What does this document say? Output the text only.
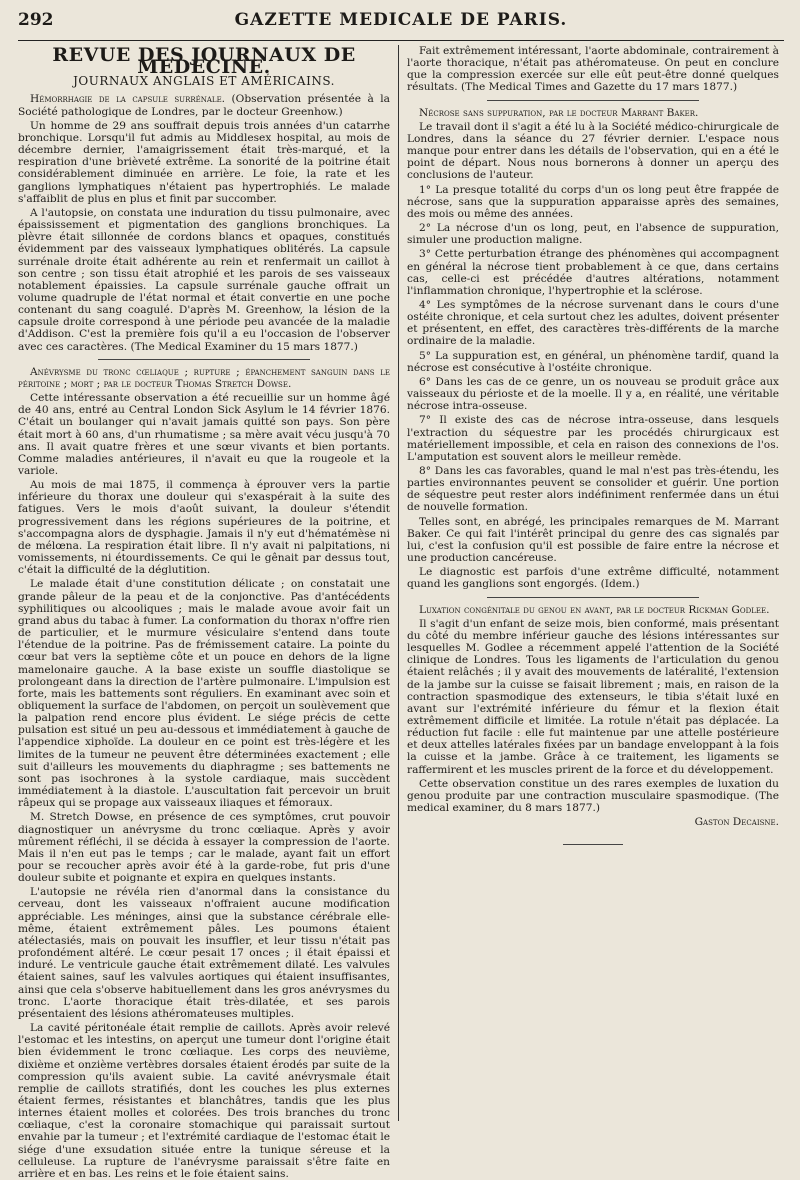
292	GAZETTE MEDICALE DE PARIS.
REVUE DES JOURNAUX DE MEDECINE.
JOURNAUX ANGLAIS ET AMÉRICAINS.

Hémorrhagie de la capsule surrénale. (Observation présentée à la Société pathologique de Londres, par le docteur Greenhow.)

Un homme de 29 ans souffrait depuis trois années d'un catarrhe bronchique. Lorsqu'il fut admis au Middlesex hospital, au mois de décembre dernier, l'amaigrissement était très-marqué, et la respiration d'une brièveté extrême. La sonorité de la poitrine était considérablement diminuée en arrière. Le foie, la rate et les ganglions lymphatiques n'étaient pas hypertrophiés. Le malade s'affaiblit de plus en plus et finit par succomber.

A l'autopsie, on constata une induration du tissu pulmonaire, avec épaississement et pigmentation des ganglions bronchiques. La plèvre était sillonnée de cordons blancs et opaques, constitués évidemment par des vaisseaux lymphatiques oblitérés. La capsule surrénale droite était adhérente au rein et renfermait un caillot à son centre ; son tissu était atrophié et les parois de ses vaisseaux notablement épaissies. La capsule surrénale gauche offrait un volume quadruple de l'état normal et était convertie en une poche contenant du sang coagulé. D'après M. Greenhow, la lésion de la capsule droite correspond à une période peu avancée de la maladie d'Addison. C'est la première fois qu'il a eu l'occasion de l'observer avec ces caractères. (The Medical Examiner du 15 mars 1877.)

Anévrysme du tronc cœliaque ; rupture ; épanchement sanguin dans le péritoine ; mort ; par le docteur Thomas Stretch Dowse.

Cette intéressante observation a été recueillie sur un homme âgé de 40 ans, entré au Central London Sick Asylum le 14 février 1876. C'était un boulanger qui n'avait jamais quitté son pays. Son père était mort à 60 ans, d'un rhumatisme ; sa mère avait vécu jusqu'à 70 ans. Il avait quatre frères et une sœur vivants et bien portants. Comme maladies antérieures, il n'avait eu que la rougeole et la variole.

Au mois de mai 1875, il commença à éprouver vers la partie inférieure du thorax une douleur qui s'exaspérait à la suite des fatigues. Vers le mois d'août suivant, la douleur s'étendit progressivement dans les régions supérieures de la poitrine, et s'accompagna alors de dysphagie. Jamais il n'y eut d'hématémèse ni de mélœna. La respiration était libre. Il n'y avait ni palpitations, ni vomissements, ni étourdissements. Ce qui le gênait par dessus tout, c'était la difficulté de la déglutition.

Le malade était d'une constitution délicate ; on constatait une grande pâleur de la peau et de la conjonctive. Pas d'antécédents syphilitiques ou alcooliques ; mais le malade avoue avoir fait un grand abus du tabac à fumer. La conformation du thorax n'offre rien de particulier, et le murmure vésiculaire s'entend dans toute l'étendue de la poitrine. Pas de frémissement cataire. La pointe du cœur bat vers la septième côte et un pouce en dehors de la ligne mamelonaire gauche. A la base existe un souffle diastolique se prolongeant dans la direction de l'artère pulmonaire. L'impulsion est forte, mais les battements sont réguliers. En examinant avec soin et obliquement la surface de l'abdomen, on perçoit un soulèvement que la palpation rend encore plus évident. Le siége précis de cette pulsation est situé un peu au-dessous et immédiatement à gauche de l'appendice xiphoïde. La douleur en ce point est très-légère et les limites de la tumeur ne peuvent être déterminées exactement ; elle suit d'ailleurs les mouvements du diaphragme ; ses battements ne sont pas isochrones à la systole cardiaque, mais succèdent immédiatement à la diastole. L'auscultation fait percevoir un bruit râpeux qui se propage aux vaisseaux iliaques et fémoraux.

M. Stretch Dowse, en présence de ces symptômes, crut pouvoir diagnostiquer un anévrysme du tronc cœliaque. Après y avoir mûrement réfléchi, il se décida à essayer la compression de l'aorte. Mais il n'en eut pas le temps ; car le malade, ayant fait un effort pour se recoucher après avoir été à la garde-robe, fut pris d'une douleur subite et poignante et expira en quelques instants.

L'autopsie ne révéla rien d'anormal dans la consistance du cerveau, dont les vaisseaux n'offraient aucune modification appréciable. Les méninges, ainsi que la substance cérébrale elle-même, étaient extrêmement pâles. Les poumons étaient atélectasiés, mais on pouvait les insuffler, et leur tissu n'était pas profondément altéré. Le cœur pesait 17 onces ; il était épaissi et induré. Le ventricule gauche était extrêmement dilaté. Les valvules étaient saines, sauf les valvules aortiques qui étaient insuffisantes, ainsi que cela s'observe habituellement dans les gros anévrysmes du tronc. L'aorte thoracique était très-dilatée, et ses parois présentaient des lésions athéromateuses multiples.

La cavité péritonéale était remplie de caillots. Après avoir relevé l'estomac et les intestins, on aperçut une tumeur dont l'origine était bien évidemment le tronc cœliaque. Les corps des neuvième, dixième et onzième vertèbres dorsales étaient érodés par suite de la compression qu'ils avaient subie. La cavité anévrysmale était remplie de caillots stratifiés, dont les couches les plus externes étaient fermes, résistantes et blanchâtres, tandis que les plus internes étaient molles et colorées. Des trois branches du tronc cœliaque, c'est la coronaire stomachique qui paraissait surtout envahie par la tumeur ; et l'extrémité cardiaque de l'estomac était le siége d'une exsudation située entre la tunique séreuse et la celluleuse. La rupture de l'anévrysme paraissait s'être faite en arrière et en bas. Les reins et le foie étaient sains.

Fait extrêmement intéressant, l'aorte abdominale, contrairement à l'aorte thoracique, n'était pas athéromateuse. On peut en conclure que la compression exercée sur elle eût peut-être donné quelques résultats. (The Medical Times and Gazette du 17 mars 1877.)

Nécrose sans suppuration, par le docteur Marrant Baker.

Le travail dont il s'agit a été lu à la Société médico-chirurgicale de Londres, dans la séance du 27 février dernier. L'espace nous manque pour entrer dans les détails de l'observation, qui en a été le point de départ. Nous nous bornerons à donner un aperçu des conclusions de l'auteur.

1° La presque totalité du corps d'un os long peut être frappée de nécrose, sans que la suppuration apparaisse après des semaines, des mois ou même des années.

2° La nécrose d'un os long, peut, en l'absence de suppuration, simuler une production maligne.

3° Cette perturbation étrange des phénomènes qui accompagnent en général la nécrose tient probablement à ce que, dans certains cas, celle-ci est précédée d'autres altérations, notamment l'inflammation chronique, l'hypertrophie et la sclérose.

4° Les symptômes de la nécrose survenant dans le cours d'une ostéite chronique, et cela surtout chez les adultes, doivent présenter et présentent, en effet, des caractères très-différents de la marche ordinaire de la maladie.

5° La suppuration est, en général, un phénomène tardif, quand la nécrose est consécutive à l'ostéite chronique.

6° Dans les cas de ce genre, un os nouveau se produit grâce aux vaisseaux du périoste et de la moelle. Il y a, en réalité, une véritable nécrose intra-osseuse.

7° Il existe des cas de nécrose intra-osseuse, dans lesquels l'extraction du séquestre par les procédés chirurgicaux est matériellement impossible, et cela en raison des connexions de l'os. L'amputation est souvent alors le meilleur remède.

8° Dans les cas favorables, quand le mal n'est pas très-étendu, les parties environnantes peuvent se consolider et guérir. Une portion de séquestre peut rester alors indéfiniment renfermée dans un étui de nouvelle formation.

Telles sont, en abrégé, les principales remarques de M. Marrant Baker. Ce qui fait l'intérêt principal du genre des cas signalés par lui, c'est la confusion qu'il est possible de faire entre la nécrose et une production cancéreuse.

Le diagnostic est parfois d'une extrême difficulté, notamment quand les ganglions sont engorgés. (Idem.)

Luxation congénitale du genou en avant, par le docteur Rickman Godlee.

Il s'agit d'un enfant de seize mois, bien conformé, mais présentant du côté du membre inférieur gauche des lésions intéressantes sur lesquelles M. Godlee a récemment appelé l'attention de la Société clinique de Londres. Tous les ligaments de l'articulation du genou étaient relâchés ; il y avait des mouvements de latéralité, l'extension de la jambe sur la cuisse se faisait librement ; mais, en raison de la contraction spasmodique des extenseurs, le tibia s'était luxé en avant sur l'extrémité inférieure du fémur et la flexion était extrêmement difficile et limitée. La rotule n'était pas déplacée. La réduction fut facile : elle fut maintenue par une attelle postérieure et deux attelles latérales fixées par un bandage enveloppant à la fois la cuisse et la jambe. Grâce à ce traitement, les ligaments se raffermirent et les muscles prirent de la force et du développement.

Cette observation constitue un des rares exemples de luxation du genou produite par une contraction musculaire spasmodique. (The medical examiner, du 8 mars 1877.)

Gaston Decaisne.
